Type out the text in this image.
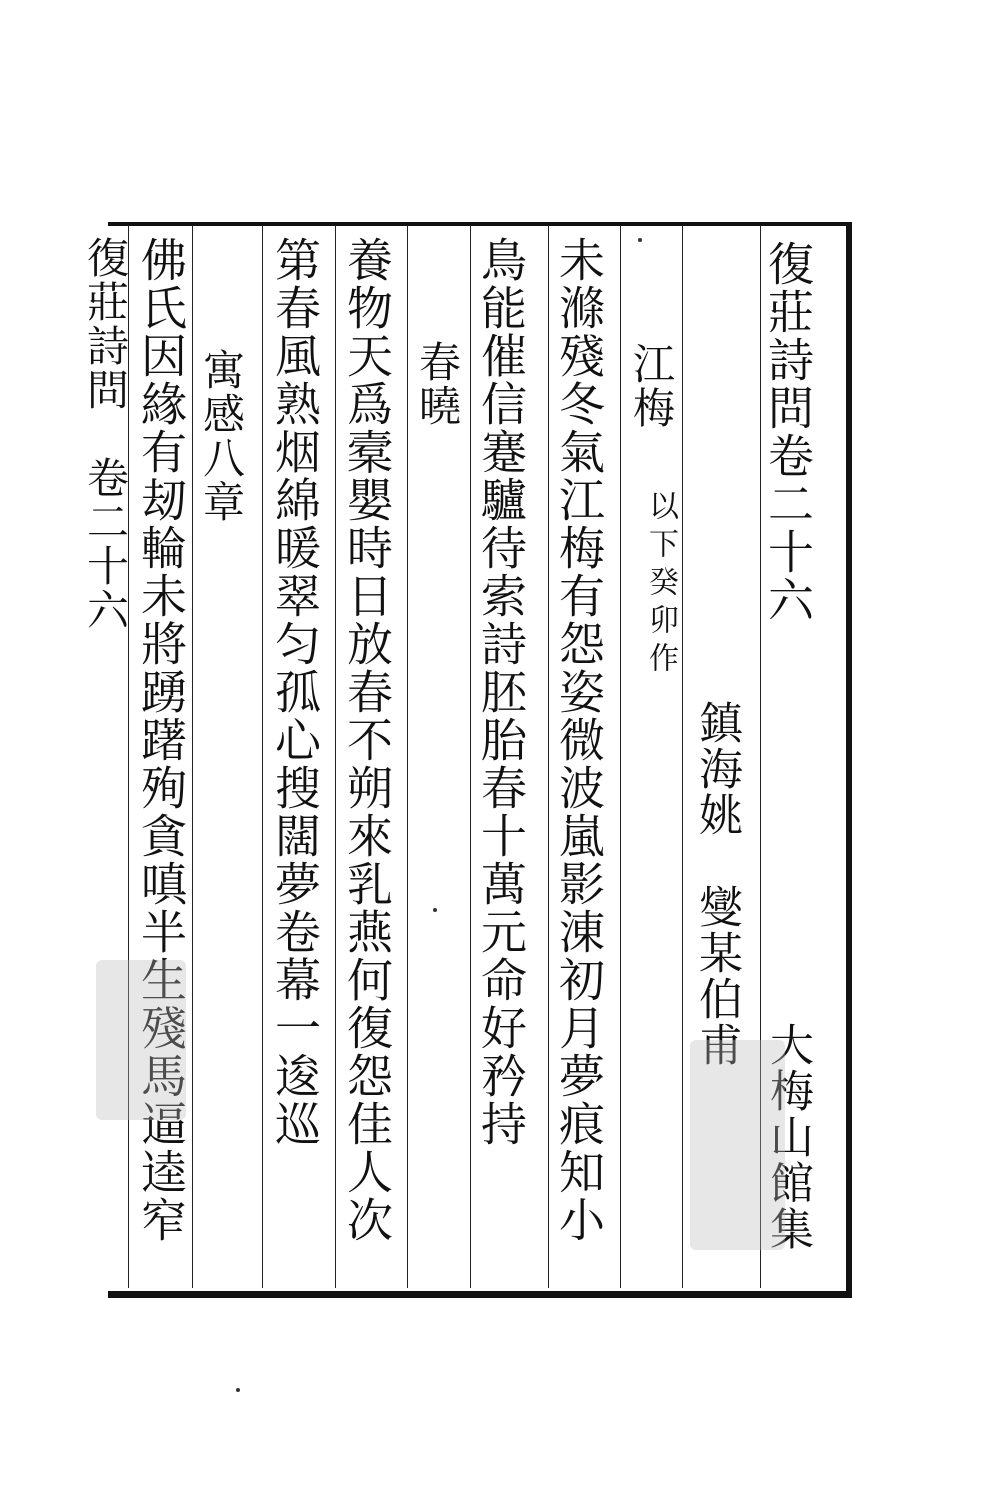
復莊詩問卷二十六
大梅山館集
鎮海姚　燮某伯甫
江梅
以下癸卯作
未滌殘冬氣江梅有怨姿微波嵐影涷初月夢痕知小
鳥能催信蹇驢待索詩胚胎春十萬元命好矜持
春曉
養物天爲槖嬰時日放春不朔來乳燕何復怨佳人次
第春風熟烟綿暖翠匀孤心搜闊夢卷幕一逡巡
寓感八章
佛氏因緣有刼輪未將踴躇殉貪嗔半生殘馬逼逵窄
復莊詩問　卷二十六
